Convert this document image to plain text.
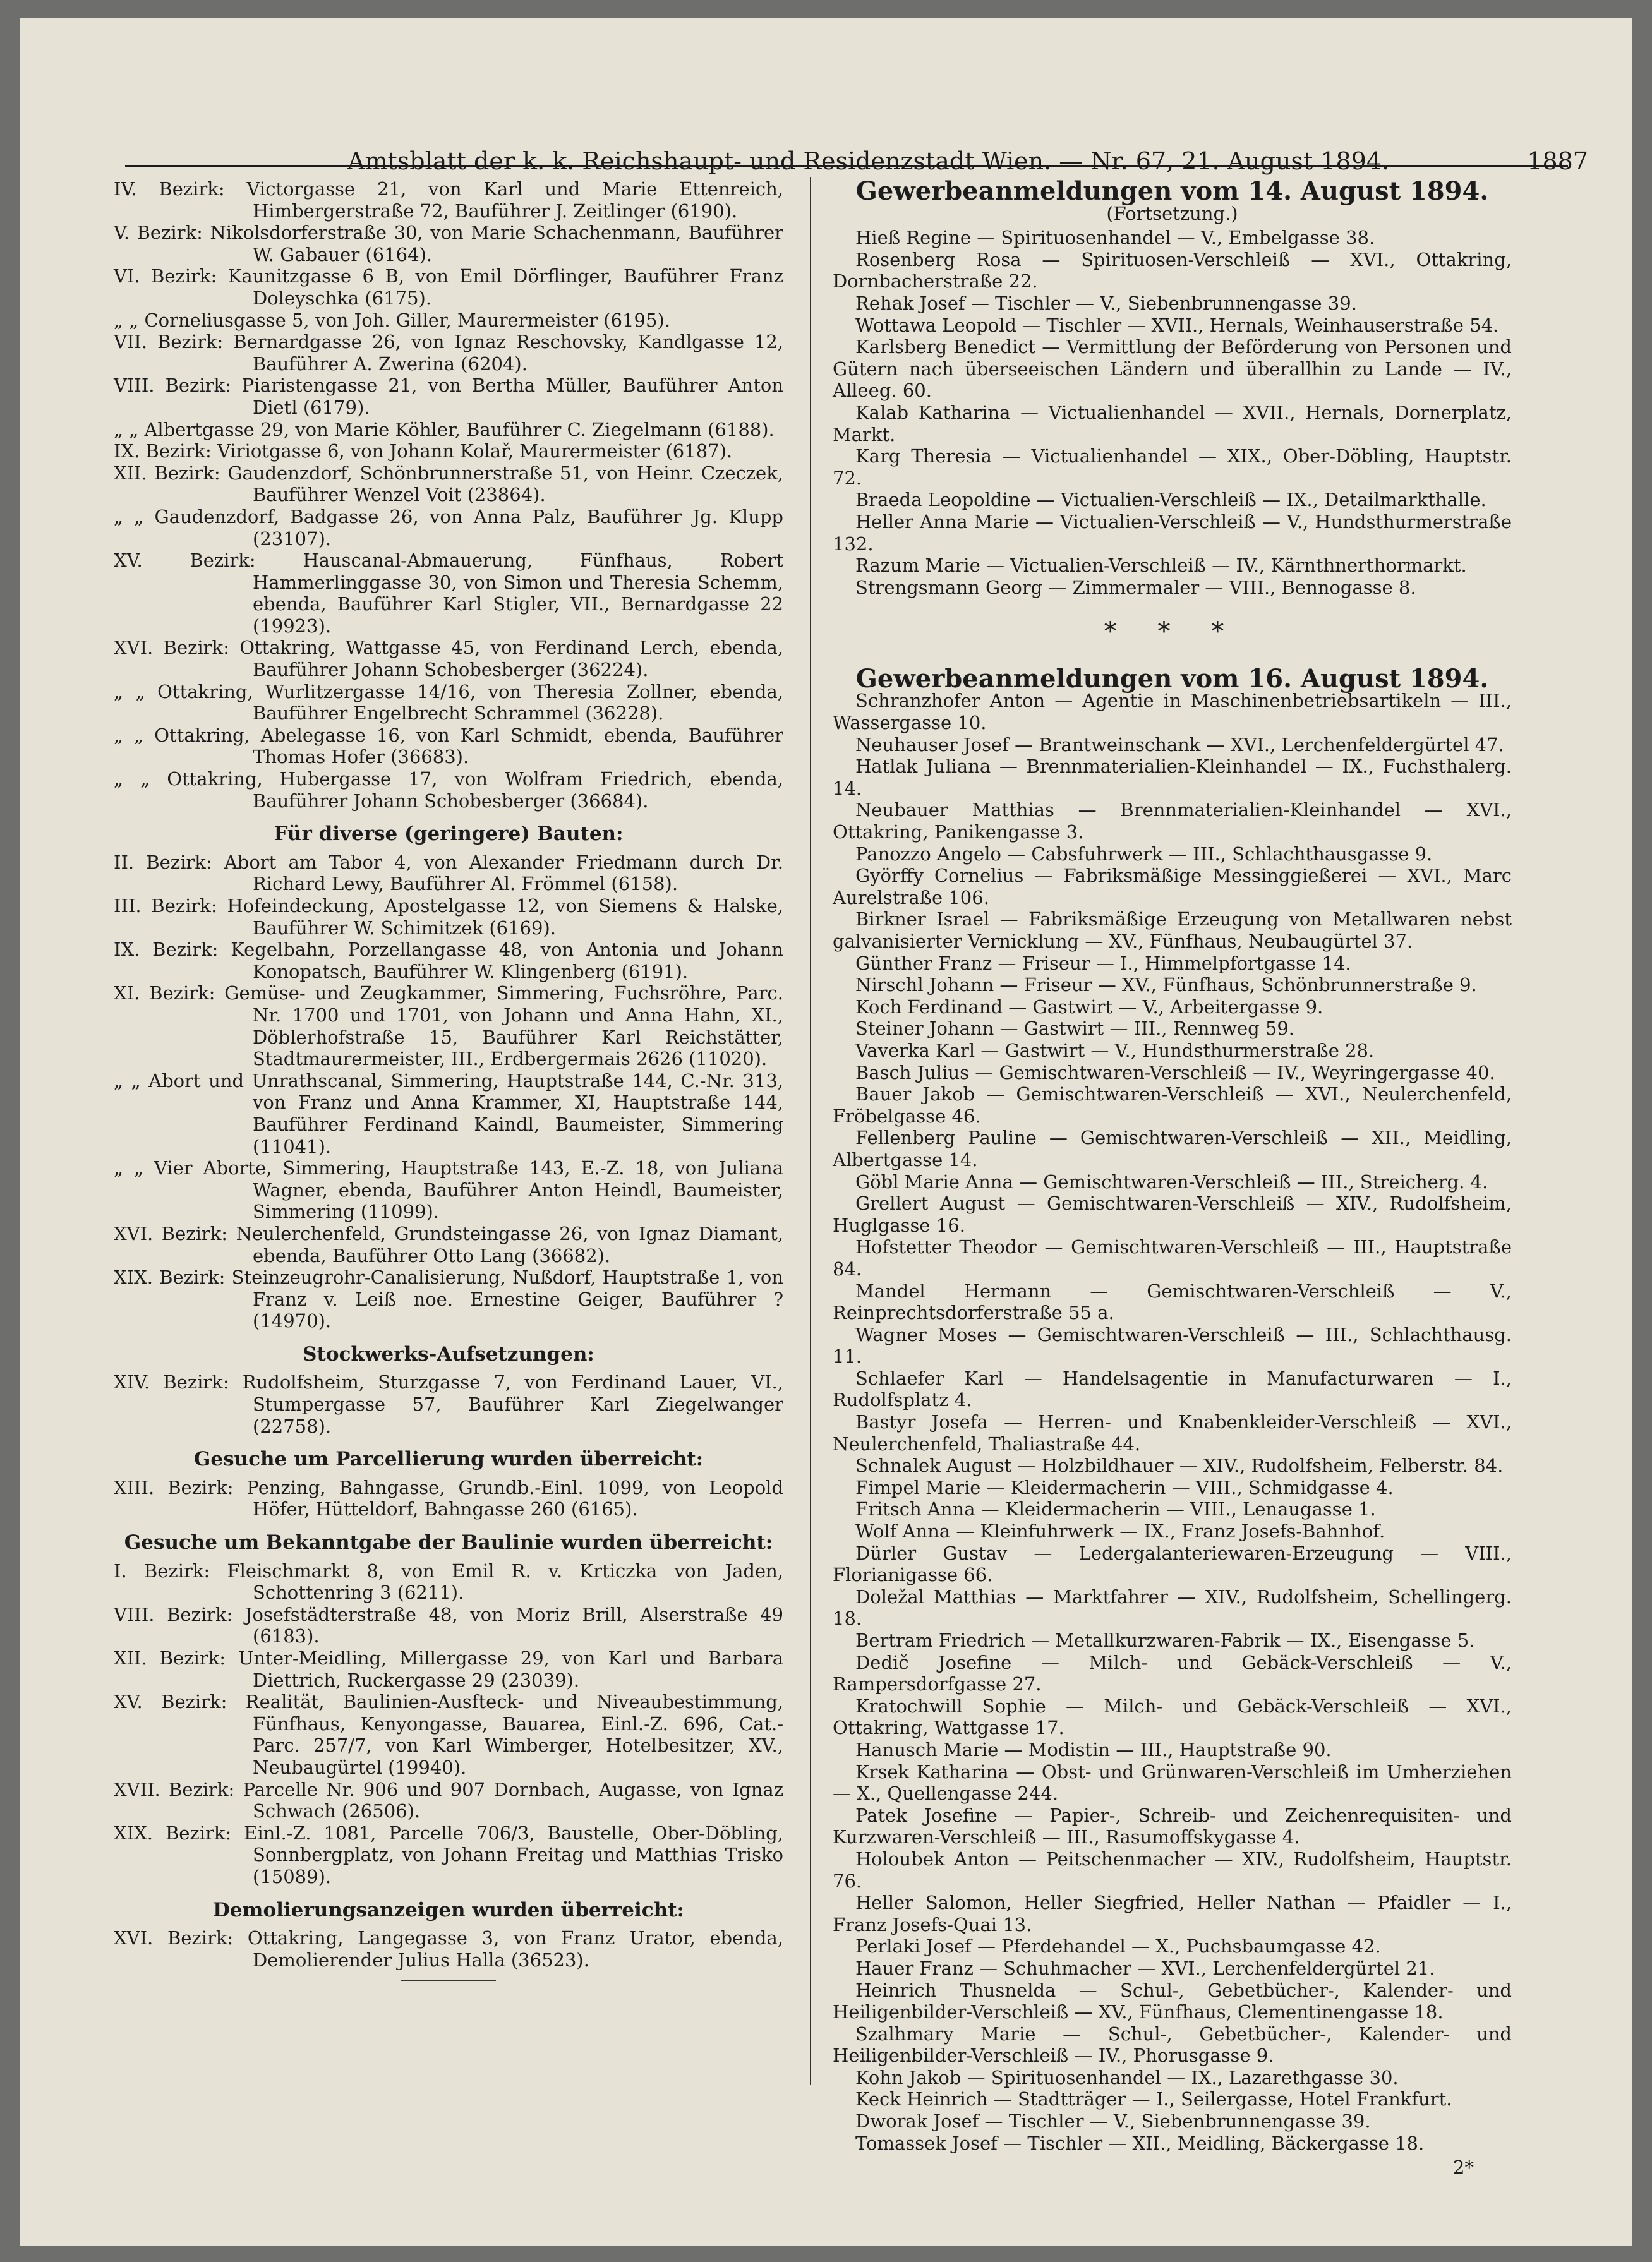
Amtsblatt der k. k. Reichshaupt- und Residenzstadt Wien. — Nr. 67, 21. August 1894.	1887

IV. Bezirk: Victorgasse 21, von Karl und Marie Ettenreich, Himbergerstraße 72, Bauführer J. Zeitlinger (6190).

V. Bezirk: Nikolsdorferstraße 30, von Marie Schachenmann, Bauführer W. Gabauer (6164).

VI. Bezirk: Kaunitzgasse 6 B, von Emil Dörflinger, Bauführer Franz Doleyschka (6175).

„ „ Corneliusgasse 5, von Joh. Giller, Maurermeister (6195).

VII. Bezirk: Bernardgasse 26, von Ignaz Reschovsky, Kandlgasse 12, Bauführer A. Zwerina (6204).

VIII. Bezirk: Piaristengasse 21, von Bertha Müller, Bauführer Anton Dietl (6179).

„ „ Albertgasse 29, von Marie Köhler, Bauführer C. Ziegelmann (6188).

IX. Bezirk: Viriotgasse 6, von Johann Kolař, Maurermeister (6187).

XII. Bezirk: Gaudenzdorf, Schönbrunnerstraße 51, von Heinr. Czeczek, Bauführer Wenzel Voit (23864).

„ „ Gaudenzdorf, Badgasse 26, von Anna Palz, Bauführer Jg. Klupp (23107).

XV. Bezirk: Hauscanal-Abmauerung, Fünfhaus, Robert Hammerlinggasse 30, von Simon und Theresia Schemm, ebenda, Bauführer Karl Stigler, VII., Bernardgasse 22 (19923).

XVI. Bezirk: Ottakring, Wattgasse 45, von Ferdinand Lerch, ebenda, Bauführer Johann Schobesberger (36224).

„ „ Ottakring, Wurlitzergasse 14/16, von Theresia Zollner, ebenda, Bauführer Engelbrecht Schrammel (36228).

„ „ Ottakring, Abelegasse 16, von Karl Schmidt, ebenda, Bauführer Thomas Hofer (36683).

„ „ Ottakring, Hubergasse 17, von Wolfram Friedrich, ebenda, Bauführer Johann Schobesberger (36684).

Für diverse (geringere) Bauten:

II. Bezirk: Abort am Tabor 4, von Alexander Friedmann durch Dr. Richard Lewy, Bauführer Al. Frömmel (6158).

III. Bezirk: Hofeindeckung, Apostelgasse 12, von Siemens & Halske, Bauführer W. Schimitzek (6169).

IX. Bezirk: Kegelbahn, Porzellangasse 48, von Antonia und Johann Konopatsch, Bauführer W. Klingenberg (6191).

XI. Bezirk: Gemüse- und Zeugkammer, Simmering, Fuchsröhre, Parc. Nr. 1700 und 1701, von Johann und Anna Hahn, XI., Döblerhofstraße 15, Bauführer Karl Reichstätter, Stadtmaurermeister, III., Erdbergermais 2626 (11020).

„ „ Abort und Unrathscanal, Simmering, Hauptstraße 144, C.-Nr. 313, von Franz und Anna Krammer, XI, Hauptstraße 144, Bauführer Ferdinand Kaindl, Baumeister, Simmering (11041).

„ „ Vier Aborte, Simmering, Hauptstraße 143, E.-Z. 18, von Juliana Wagner, ebenda, Bauführer Anton Heindl, Baumeister, Simmering (11099).

XVI. Bezirk: Neulerchenfeld, Grundsteingasse 26, von Ignaz Diamant, ebenda, Bauführer Otto Lang (36682).

XIX. Bezirk: Steinzeugrohr-Canalisierung, Nußdorf, Hauptstraße 1, von Franz v. Leiß noe. Ernestine Geiger, Bauführer ? (14970).

Stockwerks-Aufsetzungen:

XIV. Bezirk: Rudolfsheim, Sturzgasse 7, von Ferdinand Lauer, VI., Stumpergasse 57, Bauführer Karl Ziegelwanger (22758).

Gesuche um Parcellierung wurden überreicht:

XIII. Bezirk: Penzing, Bahngasse, Grundb.-Einl. 1099, von Leopold Höfer, Hütteldorf, Bahngasse 260 (6165).

Gesuche um Bekanntgabe der Baulinie wurden überreicht:

I. Bezirk: Fleischmarkt 8, von Emil R. v. Krticzka von Jaden, Schottenring 3 (6211).

VIII. Bezirk: Josefstädterstraße 48, von Moriz Brill, Alserstraße 49 (6183).

XII. Bezirk: Unter-Meidling, Millergasse 29, von Karl und Barbara Diettrich, Ruckergasse 29 (23039).

XV. Bezirk: Realität, Baulinien-Ausfteck- und Niveaubestimmung, Fünfhaus, Kenyongasse, Bauarea, Einl.-Z. 696, Cat.-Parc. 257/7, von Karl Wimberger, Hotelbesitzer, XV., Neubaugürtel (19940).

XVII. Bezirk: Parcelle Nr. 906 und 907 Dornbach, Augasse, von Ignaz Schwach (26506).

XIX. Bezirk: Einl.-Z. 1081, Parcelle 706/3, Baustelle, Ober-Döbling, Sonnbergplatz, von Johann Freitag und Matthias Trisko (15089).

Demolierungsanzeigen wurden überreicht:

XVI. Bezirk: Ottakring, Langegasse 3, von Franz Urator, ebenda, Demolierender Julius Halla (36523).

Gewerbeanmeldungen vom 14. August 1894.

(Fortsetzung.)

Hieß Regine — Spirituosenhandel — V., Embelgasse 38.

Rosenberg Rosa — Spirituosen-Verschleiß — XVI., Ottakring, Dornbacherstraße 22.

Rehak Josef — Tischler — V., Siebenbrunnengasse 39.

Wottawa Leopold — Tischler — XVII., Hernals, Weinhauserstraße 54.

Karlsberg Benedict — Vermittlung der Beförderung von Personen und Gütern nach überseeischen Ländern und überallhin zu Lande — IV., Alleeg. 60.

Kalab Katharina — Victualienhandel — XVII., Hernals, Dornerplatz, Markt.

Karg Theresia — Victualienhandel — XIX., Ober-Döbling, Hauptstr. 72.

Braeda Leopoldine — Victualien-Verschleiß — IX., Detailmarkthalle.

Heller Anna Marie — Victualien-Verschleiß — V., Hundsthurmerstraße 132.

Razum Marie — Victualien-Verschleiß — IV., Kärnthnerthormarkt.

Strengsmann Georg — Zimmermaler — VIII., Bennogasse 8.

* * *

Gewerbeanmeldungen vom 16. August 1894.

Schranzhofer Anton — Agentie in Maschinenbetriebsartikeln — III., Wassergasse 10.

Neuhauser Josef — Brantweinschank — XVI., Lerchenfeldergürtel 47.

Hatlak Juliana — Brennmaterialien-Kleinhandel — IX., Fuchsthalerg. 14.

Neubauer Matthias — Brennmaterialien-Kleinhandel — XVI., Ottakring, Panikengasse 3.

Panozzo Angelo — Cabsfuhrwerk — III., Schlachthausgasse 9.

Györffy Cornelius — Fabriksmäßige Messinggießerei — XVI., Marc Aurelstraße 106.

Birkner Israel — Fabriksmäßige Erzeugung von Metallwaren nebst galvanisierter Vernicklung — XV., Fünfhaus, Neubaugürtel 37.

Günther Franz — Friseur — I., Himmelpfortgasse 14.

Nirschl Johann — Friseur — XV., Fünfhaus, Schönbrunnerstraße 9.

Koch Ferdinand — Gastwirt — V., Arbeitergasse 9.

Steiner Johann — Gastwirt — III., Rennweg 59.

Vaverka Karl — Gastwirt — V., Hundsthurmerstraße 28.

Basch Julius — Gemischtwaren-Verschleiß — IV., Weyringergasse 40.

Bauer Jakob — Gemischtwaren-Verschleiß — XVI., Neulerchenfeld, Fröbelgasse 46.

Fellenberg Pauline — Gemischtwaren-Verschleiß — XII., Meidling, Albertgasse 14.

Göbl Marie Anna — Gemischtwaren-Verschleiß — III., Streicherg. 4.

Grellert August — Gemischtwaren-Verschleiß — XIV., Rudolfsheim, Huglgasse 16.

Hofstetter Theodor — Gemischtwaren-Verschleiß — III., Hauptstraße 84.

Mandel Hermann — Gemischtwaren-Verschleiß — V., Reinprechtsdorferstraße 55 a.

Wagner Moses — Gemischtwaren-Verschleiß — III., Schlachthausg. 11.

Schlaefer Karl — Handelsagentie in Manufacturwaren — I., Rudolfsplatz 4.

Bastyr Josefa — Herren- und Knabenkleider-Verschleiß — XVI., Neulerchenfeld, Thaliastraße 44.

Schnalek August — Holzbildhauer — XIV., Rudolfsheim, Felberstr. 84.

Fimpel Marie — Kleidermacherin — VIII., Schmidgasse 4.

Fritsch Anna — Kleidermacherin — VIII., Lenaugasse 1.

Wolf Anna — Kleinfuhrwerk — IX., Franz Josefs-Bahnhof.

Dürler Gustav — Ledergalanteriewaren-Erzeugung — VIII., Florianigasse 66.

Doležal Matthias — Marktfahrer — XIV., Rudolfsheim, Schellingerg. 18.

Bertram Friedrich — Metallkurzwaren-Fabrik — IX., Eisengasse 5.

Dedič Josefine — Milch- und Gebäck-Verschleiß — V., Rampersdorfgasse 27.

Kratochwill Sophie — Milch- und Gebäck-Verschleiß — XVI., Ottakring, Wattgasse 17.

Hanusch Marie — Modistin — III., Hauptstraße 90.

Krsek Katharina — Obst- und Grünwaren-Verschleiß im Umherziehen — X., Quellengasse 244.

Patek Josefine — Papier-, Schreib- und Zeichenrequisiten- und Kurzwaren-Verschleiß — III., Rasumoffskygasse 4.

Holoubek Anton — Peitschenmacher — XIV., Rudolfsheim, Hauptstr. 76.

Heller Salomon, Heller Siegfried, Heller Nathan — Pfaidler — I., Franz Josefs-Quai 13.

Perlaki Josef — Pferdehandel — X., Puchsbaumgasse 42.

Hauer Franz — Schuhmacher — XVI., Lerchenfeldergürtel 21.

Heinrich Thusnelda — Schul-, Gebetbücher-, Kalender- und Heiligenbilder-Verschleiß — XV., Fünfhaus, Clementinengasse 18.

Szalhmary Marie — Schul-, Gebetbücher-, Kalender- und Heiligenbilder-Verschleiß — IV., Phorusgasse 9.

Kohn Jakob — Spirituosenhandel — IX., Lazarethgasse 30.

Keck Heinrich — Stadtträger — I., Seilergasse, Hotel Frankfurt.

Dworak Josef — Tischler — V., Siebenbrunnengasse 39.

Tomassek Josef — Tischler — XII., Meidling, Bäckergasse 18.

2*
